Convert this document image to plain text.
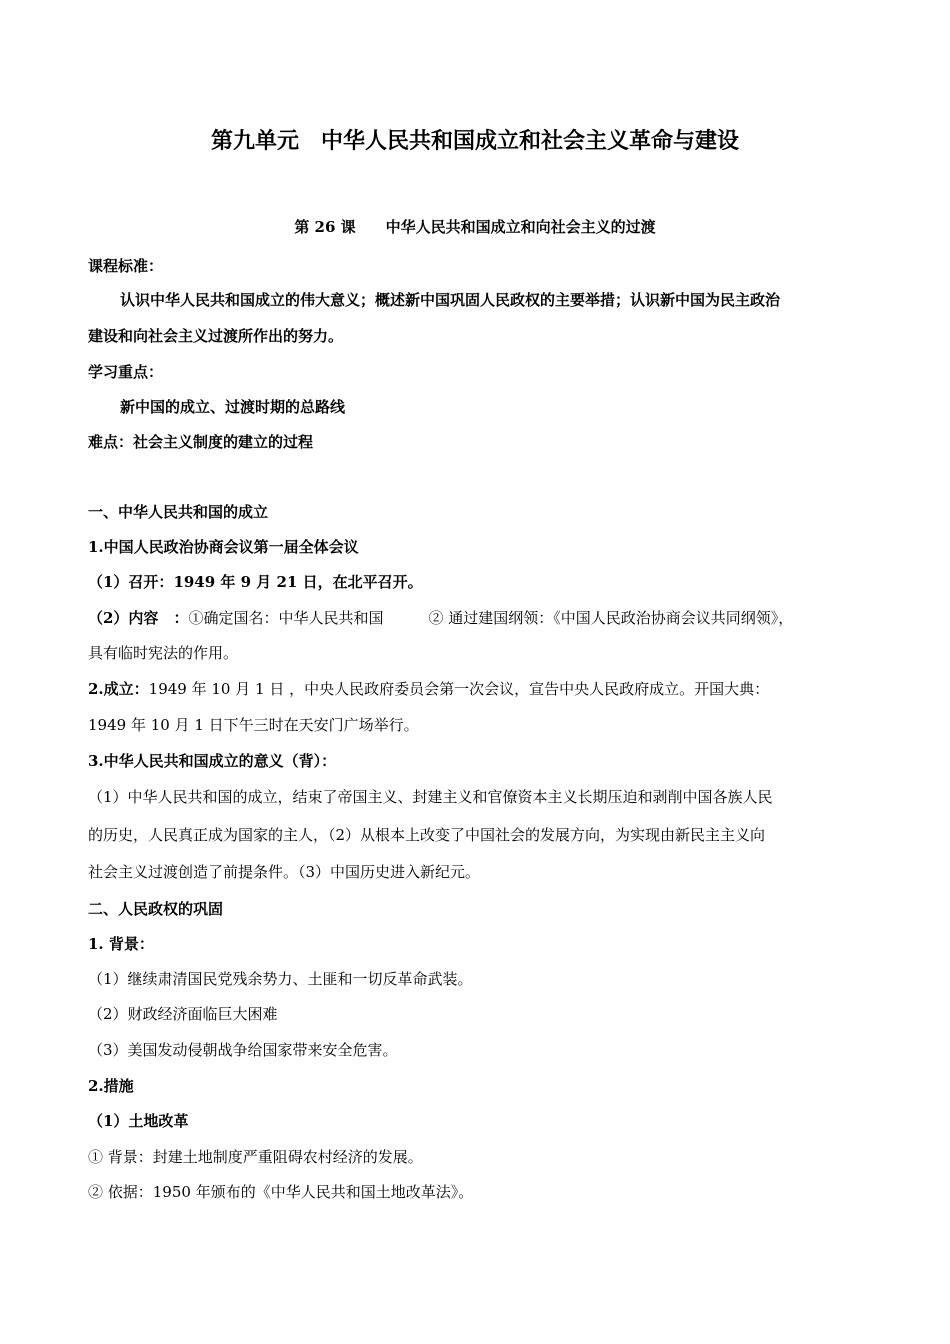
第九单元　中华人民共和国成立和社会主义革命与建设
第 26 课　　中华人民共和国成立和向社会主义的过渡
课程标准：
认识中华人民共和国成立的伟大意义；概述新中国巩固人民政权的主要举措；认识新中国为民主政治
建设和向社会主义过渡所作出的努力。
学习重点：
新中国的成立、过渡时期的总路线
难点：社会主义制度的建立的过程
一、中华人民共和国的成立
1.中国人民政治协商会议第一届全体会议
（1）召开：1949 年 9 月 21 日，在北平召开。
（2）内容　：①确定国名：中华人民共和国　　　② 通过建国纲领：《中国人民政治协商会议共同纲领》，
具有临时宪法的作用。
2.成立：1949 年 10 月 1 日 ，中央人民政府委员会第一次会议，宣告中央人民政府成立。开国大典：
1949 年 10 月 1 日下午三时在天安门广场举行。
3.中华人民共和国成立的意义（背）：
（1）中华人民共和国的成立，结束了帝国主义、封建主义和官僚资本主义长期压迫和剥削中国各族人民
的历史，人民真正成为国家的主人，（2）从根本上改变了中国社会的发展方向，为实现由新民主主义向
社会主义过渡创造了前提条件。（3）中国历史进入新纪元。
二、人民政权的巩固
1. 背景：
（1）继续肃清国民党残余势力、土匪和一切反革命武装。
（2）财政经济面临巨大困难
（3）美国发动侵朝战争给国家带来安全危害。
2.措施
（1）土地改革
① 背景：封建土地制度严重阻碍农村经济的发展。
② 依据：1950 年颁布的《中华人民共和国土地改革法》。
